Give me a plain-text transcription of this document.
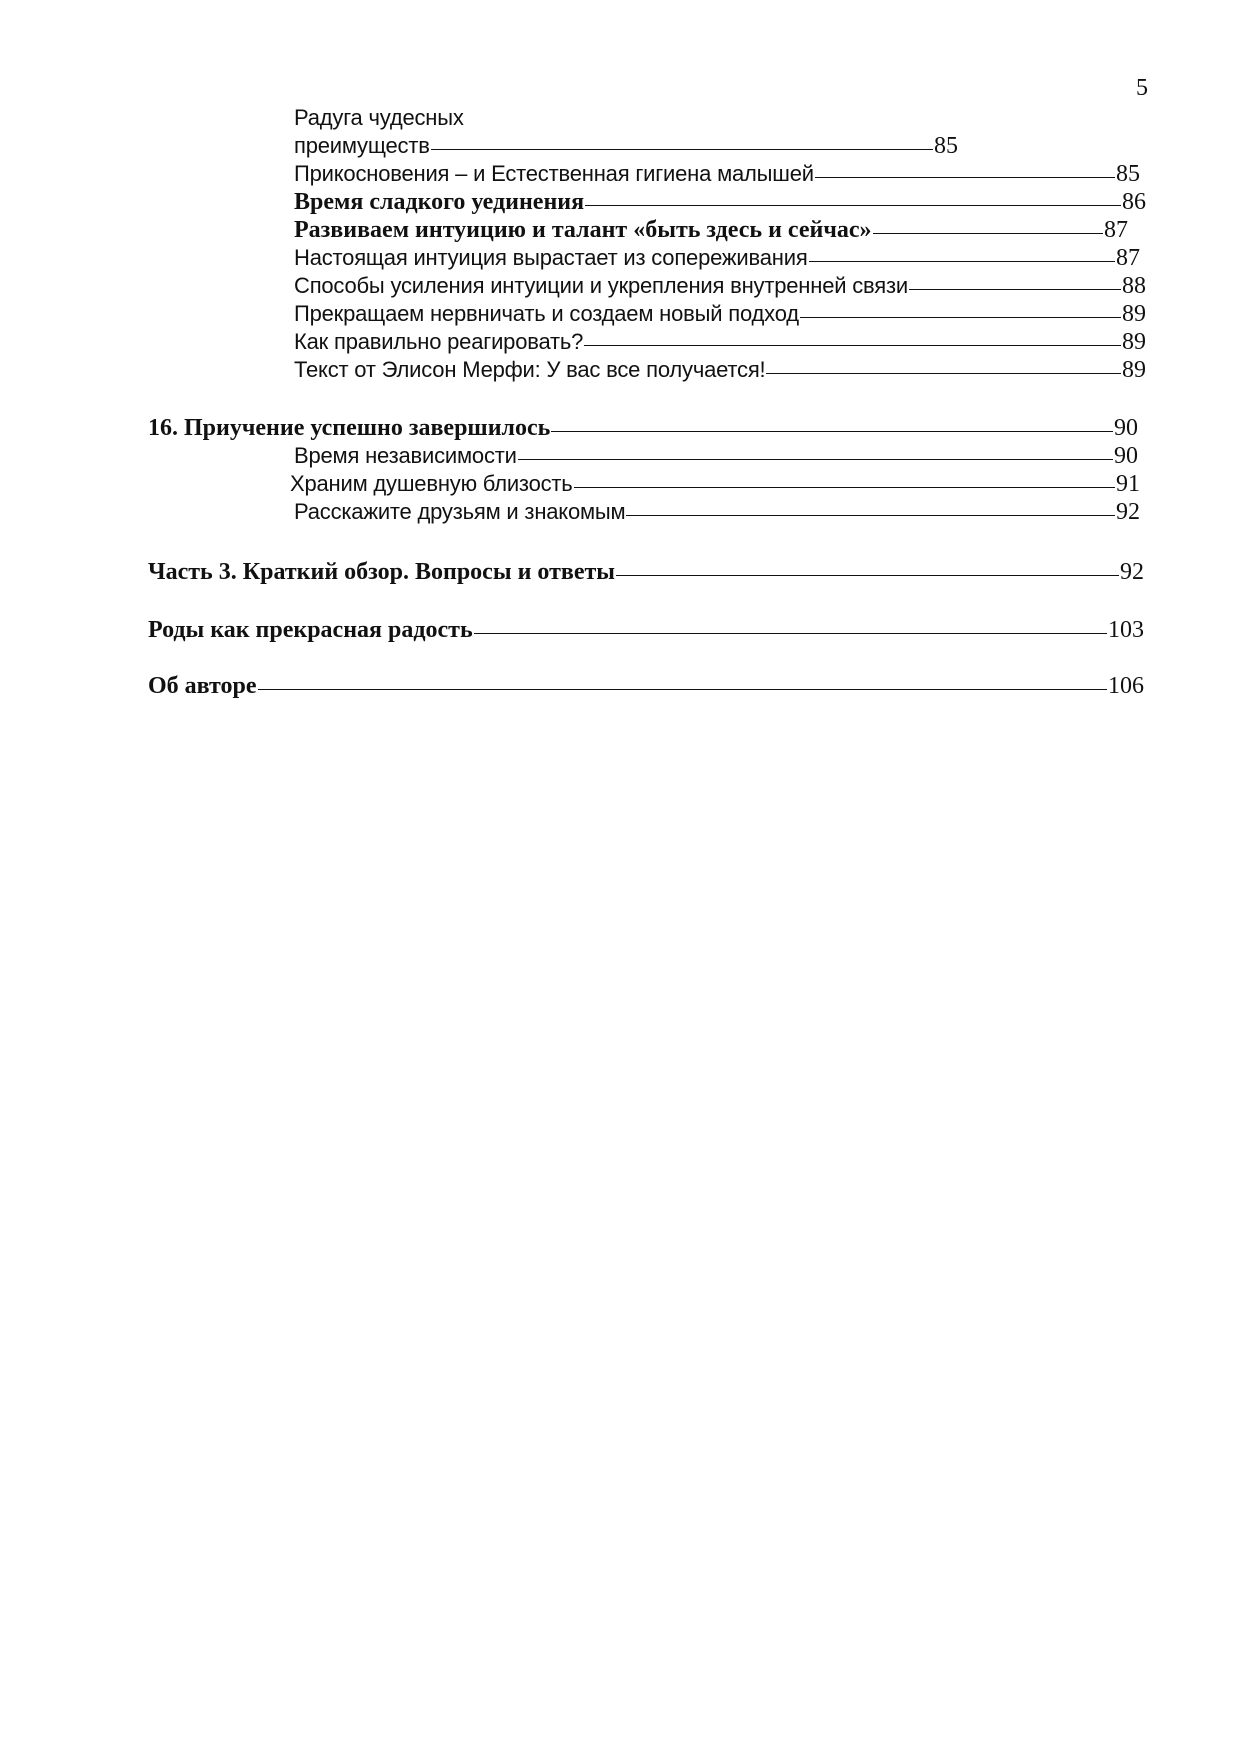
5
Радуга чудесных
преимуществ	85
Прикосновения – и Естественная гигиена малышей	85
Время сладкого уединения	86
Развиваем интуицию и талант «быть здесь и сейчас»	87
Настоящая интуиция вырастает из сопереживания	87
Способы усиления интуиции и укрепления внутренней связи	88
Прекращаем нервничать и создаем новый подход	89
Как правильно реагировать?	89
Текст от Элисон Мерфи: У вас все получается!	89
16. Приучение успешно завершилось	90
Время независимости	90
Храним душевную близость	91
Расскажите друзьям и знакомым	92
Часть 3. Краткий обзор. Вопросы и ответы	92
Роды как прекрасная радость	103
Об авторе	106
